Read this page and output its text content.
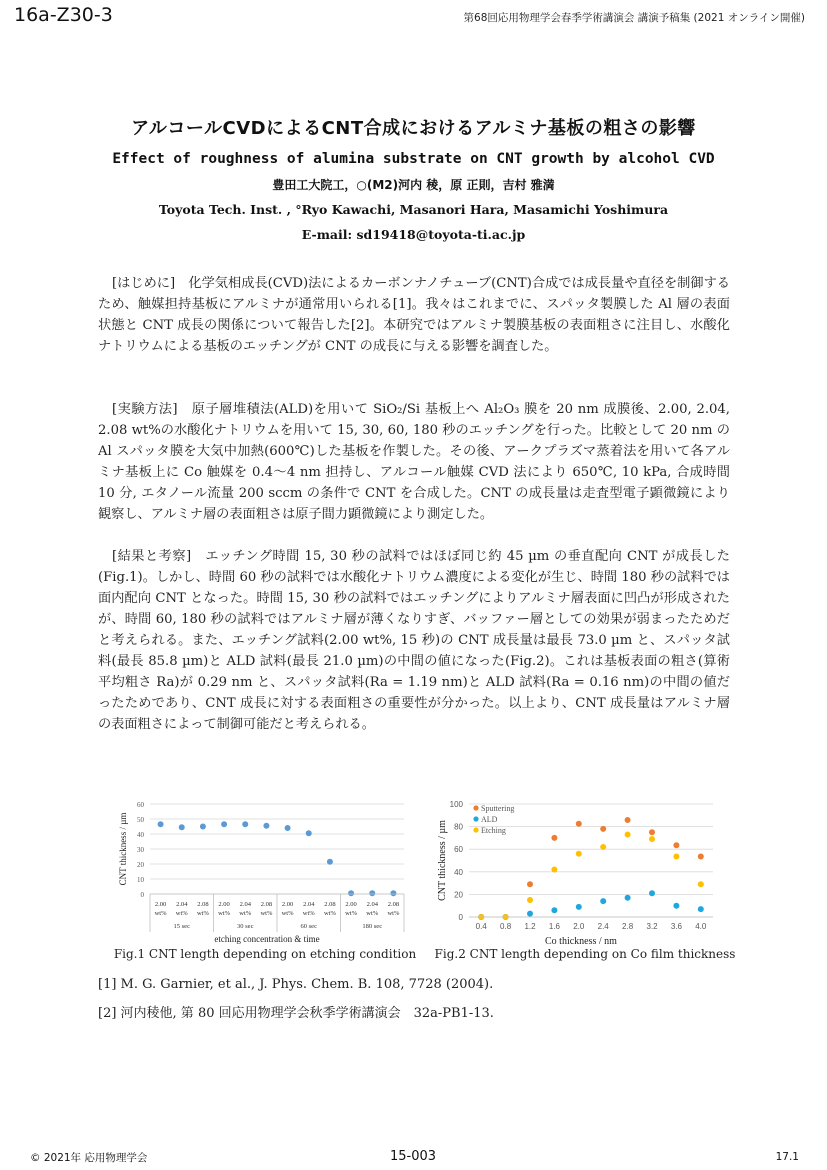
16a-Z30-3	第68回応用物理学会春季学術講演会 講演予稿集 (2021 オンライン開催)
アルコールCVDによるCNT合成におけるアルミナ基板の粗さの影響
Effect of roughness of alumina substrate on CNT growth by alcohol CVD
豊田工大院工，○(M2)河内 稜，原 正則，吉村 雅満
Toyota Tech. Inst. , °Ryo Kawachi, Masanori Hara, Masamichi Yoshimura
E-mail: sd19418@toyota-ti.ac.jp

[はじめに]　化学気相成長(CVD)法によるカーボンナノチューブ(CNT)合成では成長量や直径を制御するため、触媒担持基板にアルミナが通常用いられる[1]。我々はこれまでに、スパッタ製膜した Al 層の表面状態と CNT 成長の関係について報告した[2]。本研究ではアルミナ製膜基板の表面粗さに注目し、水酸化ナトリウムによる基板のエッチングが CNT の成長に与える影響を調査した。

[実験方法]　原子層堆積法(ALD)を用いて SiO₂/Si 基板上へ Al₂O₃ 膜を 20 nm 成膜後、2.00, 2.04, 2.08 wt%の水酸化ナトリウムを用いて 15, 30, 60, 180 秒のエッチングを行った。比較として 20 nm の Al スパッタ膜を大気中加熱(600℃)した基板を作製した。その後、アークプラズマ蒸着法を用いて各アルミナ基板上に Co 触媒を 0.4〜4 nm 担持し、アルコール触媒 CVD 法により 650℃, 10 kPa, 合成時間 10 分, エタノール流量 200 sccm の条件で CNT を合成した。CNT の成長量は走査型電子顕微鏡により観察し、アルミナ層の表面粗さは原子間力顕微鏡により測定した。

[結果と考察]　エッチング時間 15, 30 秒の試料ではほぼ同じ約 45 µm の垂直配向 CNT が成長した(Fig.1)。しかし、時間 60 秒の試料では水酸化ナトリウム濃度による変化が生じ、時間 180 秒の試料では面内配向 CNT となった。時間 15, 30 秒の試料ではエッチングによりアルミナ層表面に凹凸が形成されたが、時間 60, 180 秒の試料ではアルミナ層が薄くなりすぎ、バッファー層としての効果が弱まったためだと考えられる。また、エッチング試料(2.00 wt%, 15 秒)の CNT 成長量は最長 73.0 µm と、スパッタ試料(最長 85.8 µm)と ALD 試料(最長 21.0 µm)の中間の値になった(Fig.2)。これは基板表面の粗さ(算術平均粗さ Ra)が 0.29 nm と、スパッタ試料(Ra = 1.19 nm)と ALD 試料(Ra = 0.16 nm)の中間の値だったためであり、CNT 成長に対する表面粗さの重要性が分かった。以上より、CNT 成長量はアルミナ層の表面粗さによって制御可能だと考えられる。

0
10
20
30
40
50
60
CNT thickness / µm
2.00
wt%
2.04
wt%
2.08
wt%
2.00
wt%
2.04
wt%
2.08
wt%
2.00
wt%
2.04
wt%
2.08
wt%
2.00
wt%
2.04
wt%
2.08
wt%
15 sec	30 sec	60 sec	180 sec
etching concentration & time
Fig.1 CNT length depending on etching condition
0
20
40
60
80
100
CNT thickness / µm
0.4 0.8 1.2 1.6 2.0 2.4 2.8 3.2 3.6 4.0
Sputtering
ALD
Etching
Co thickness / nm
Fig.2 CNT length depending on Co film thickness
[1] M. G. Garnier, et al., J. Phys. Chem. B. 108, 7728 (2004).
[2] 河内稜他, 第 80 回応用物理学会秋季学術講演会　32a-PB1-13.
© 2021年 応用物理学会	15-003	17.1
